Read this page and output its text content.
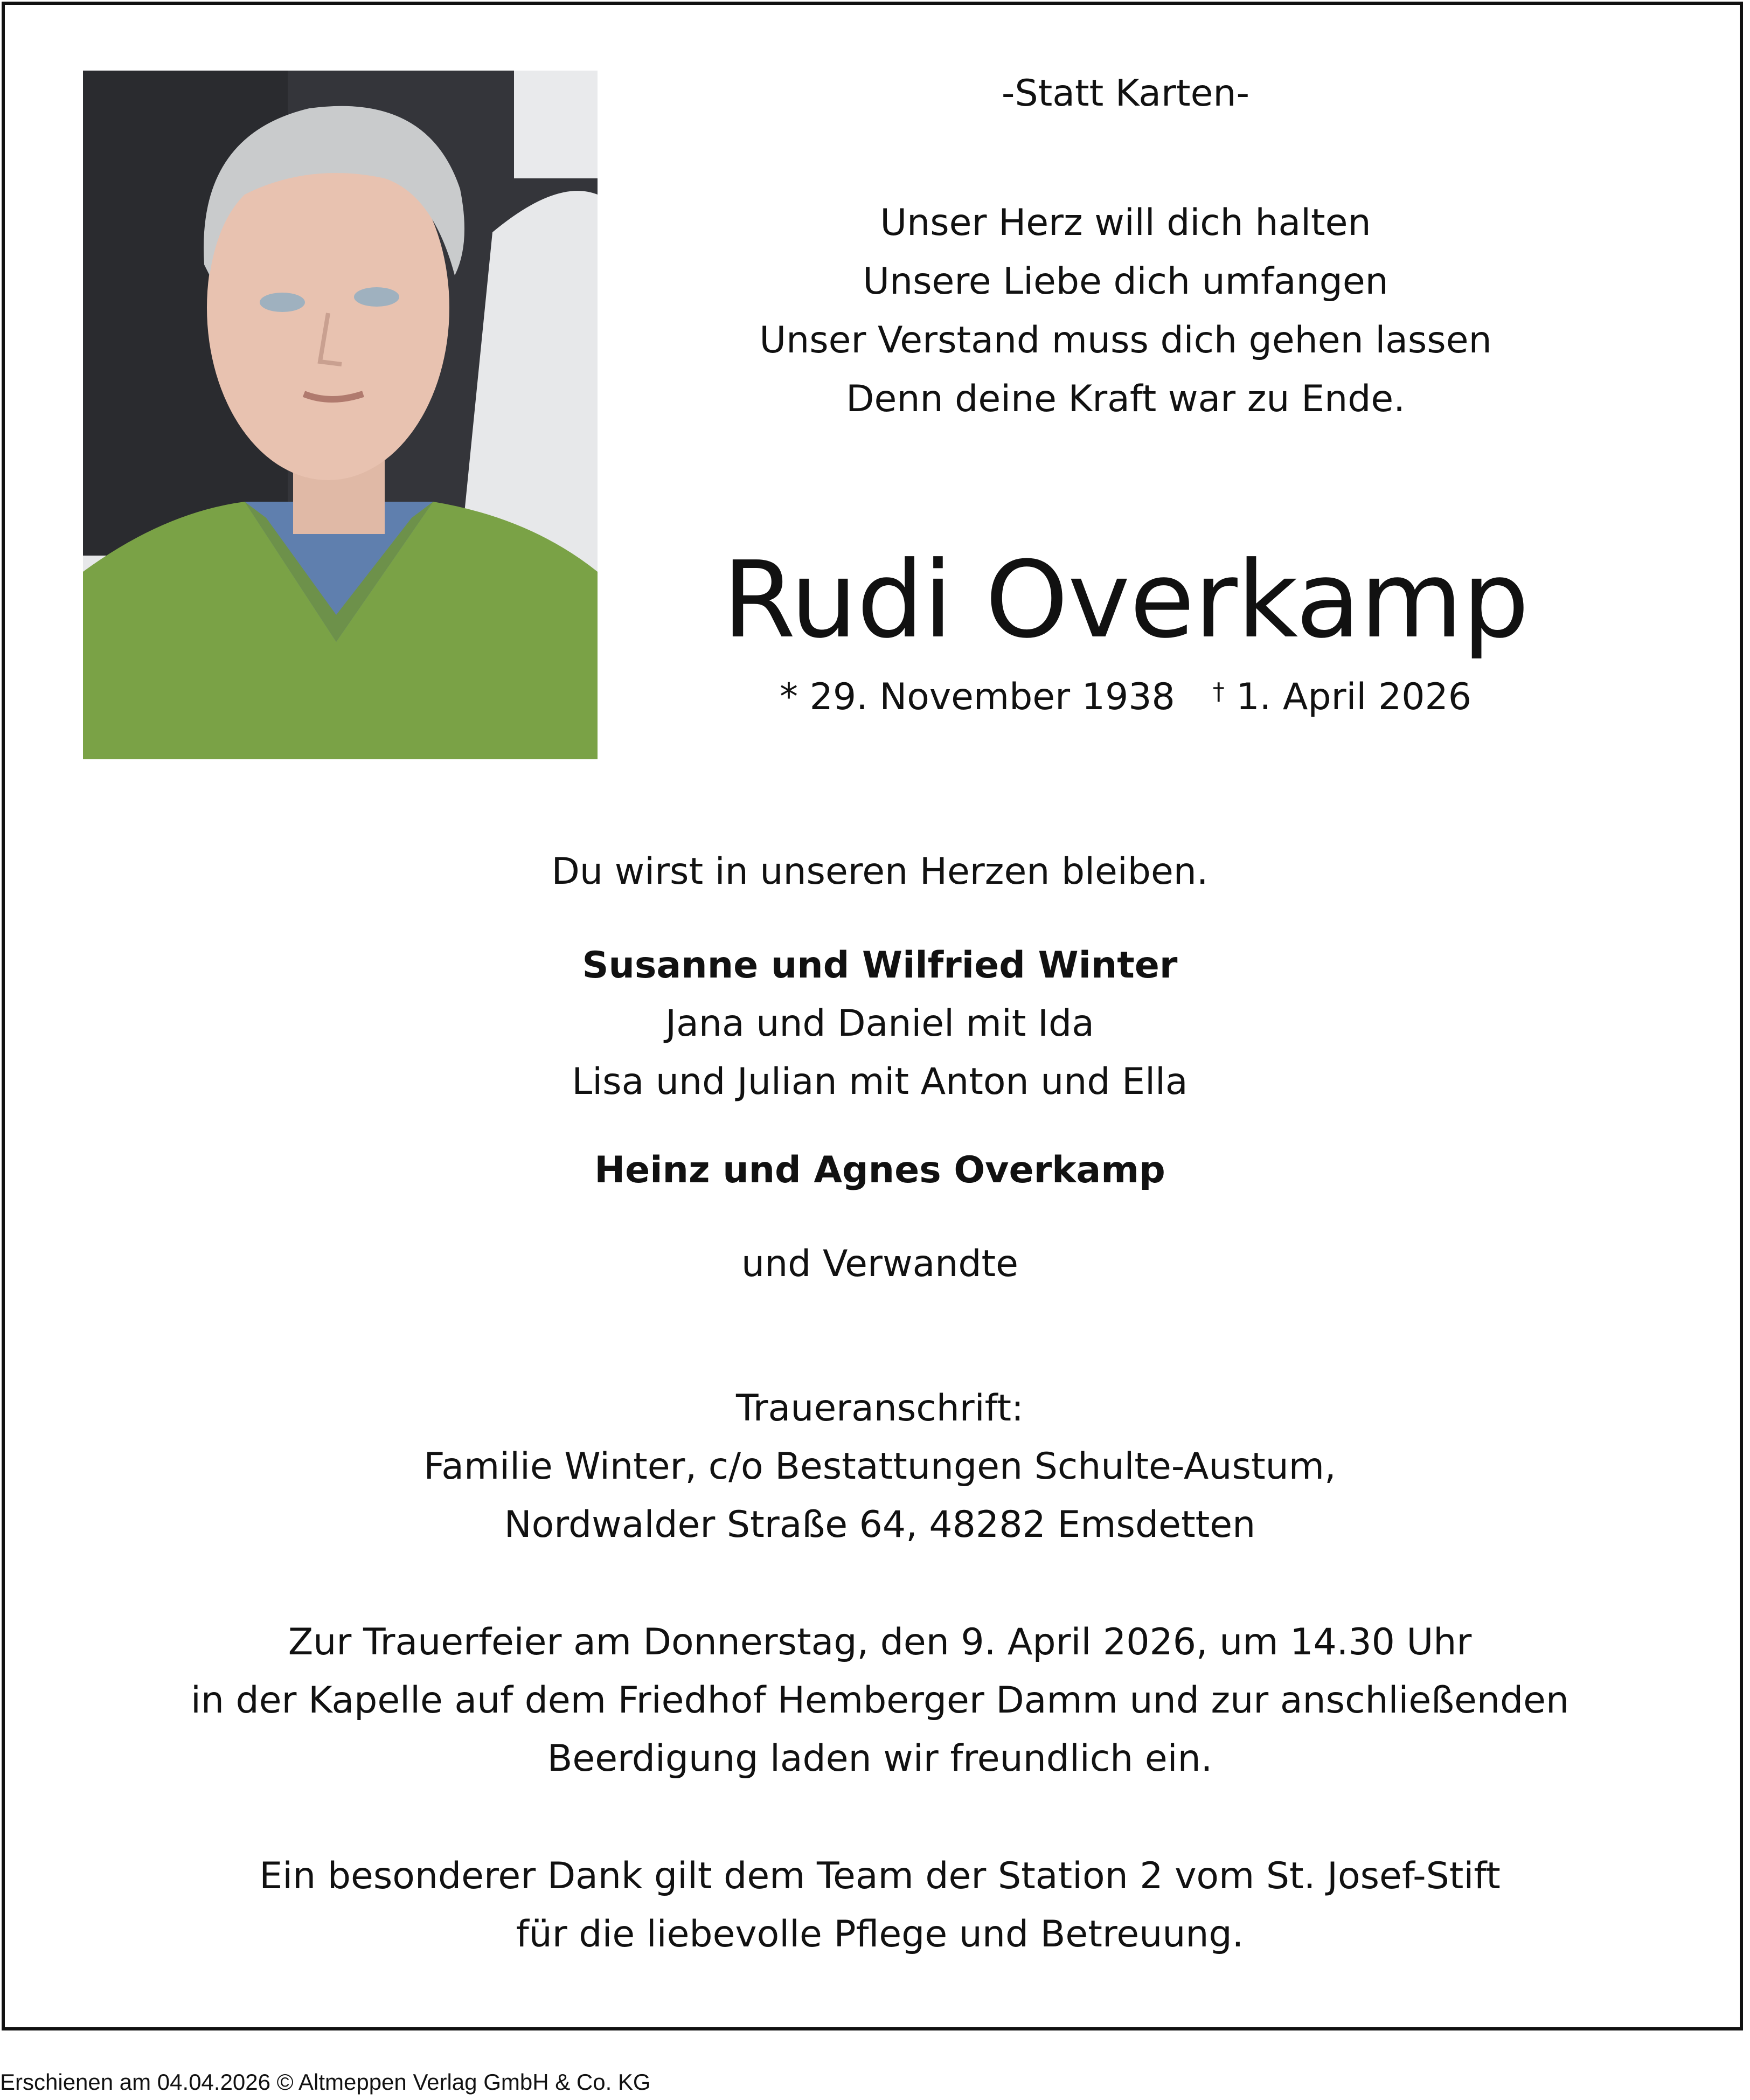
-Statt Karten-
Unser Herz will dich halten
Unsere Liebe dich umfangen
Unser Verstand muss dich gehen lassen
Denn deine Kraft war zu Ende.
Rudi Overkamp
* 29. November 1938 † 1. April 2026
Du wirst in unseren Herzen bleiben.
Susanne und Wilfried Winter
Jana und Daniel mit Ida
Lisa und Julian mit Anton und Ella
Heinz und Agnes Overkamp
und Verwandte
Traueranschrift:
Familie Winter, c/o Bestattungen Schulte-Austum,
Nordwalder Straße 64, 48282 Emsdetten
Zur Trauerfeier am Donnerstag, den 9. April 2026, um 14.30 Uhr
in der Kapelle auf dem Friedhof Hemberger Damm und zur anschließenden
Beerdigung laden wir freundlich ein.
Ein besonderer Dank gilt dem Team der Station 2 vom St. Josef-Stift
für die liebevolle Pflege und Betreuung.
Erschienen am 04.04.2026 © Altmeppen Verlag GmbH & Co. KG
